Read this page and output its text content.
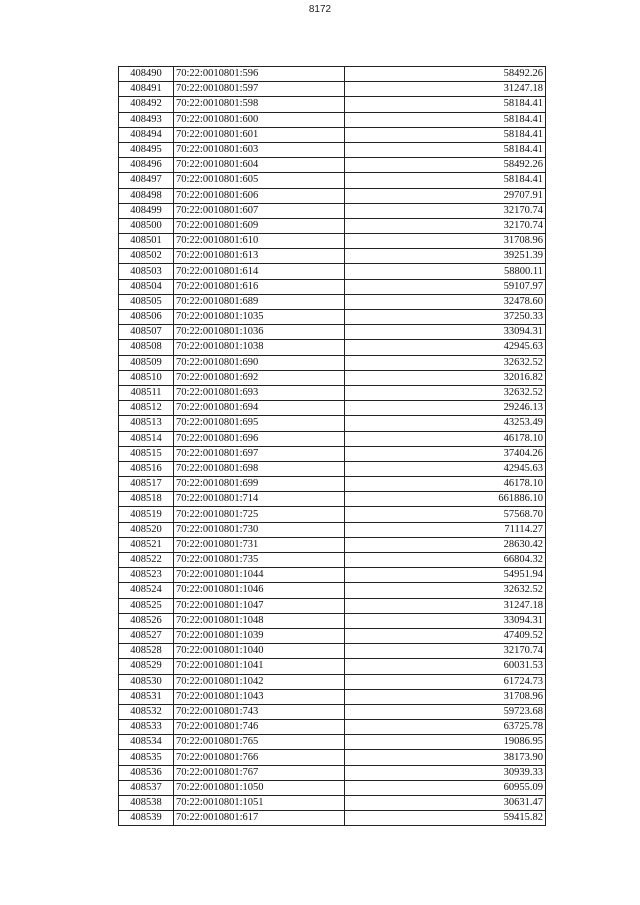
8172
408490	70:22:0010801:596	58492.26
408491	70:22:0010801:597	31247.18
408492	70:22:0010801:598	58184.41
408493	70:22:0010801:600	58184.41
408494	70:22:0010801:601	58184.41
408495	70:22:0010801:603	58184.41
408496	70:22:0010801:604	58492.26
408497	70:22:0010801:605	58184.41
408498	70:22:0010801:606	29707.91
408499	70:22:0010801:607	32170.74
408500	70:22:0010801:609	32170.74
408501	70:22:0010801:610	31708.96
408502	70:22:0010801:613	39251.39
408503	70:22:0010801:614	58800.11
408504	70:22:0010801:616	59107.97
408505	70:22:0010801:689	32478.60
408506	70:22:0010801:1035	37250.33
408507	70:22:0010801:1036	33094.31
408508	70:22:0010801:1038	42945.63
408509	70:22:0010801:690	32632.52
408510	70:22:0010801:692	32016.82
408511	70:22:0010801:693	32632.52
408512	70:22:0010801:694	29246.13
408513	70:22:0010801:695	43253.49
408514	70:22:0010801:696	46178.10
408515	70:22:0010801:697	37404.26
408516	70:22:0010801:698	42945.63
408517	70:22:0010801:699	46178.10
408518	70:22:0010801:714	661886.10
408519	70:22:0010801:725	57568.70
408520	70:22:0010801:730	71114.27
408521	70:22:0010801:731	28630.42
408522	70:22:0010801:735	66804.32
408523	70:22:0010801:1044	54951.94
408524	70:22:0010801:1046	32632.52
408525	70:22:0010801:1047	31247.18
408526	70:22:0010801:1048	33094.31
408527	70:22:0010801:1039	47409.52
408528	70:22:0010801:1040	32170.74
408529	70:22:0010801:1041	60031.53
408530	70:22:0010801:1042	61724.73
408531	70:22:0010801:1043	31708.96
408532	70:22:0010801:743	59723.68
408533	70:22:0010801:746	63725.78
408534	70:22:0010801:765	19086.95
408535	70:22:0010801:766	38173.90
408536	70:22:0010801:767	30939.33
408537	70:22:0010801:1050	60955.09
408538	70:22:0010801:1051	30631.47
408539	70:22:0010801:617	59415.82
